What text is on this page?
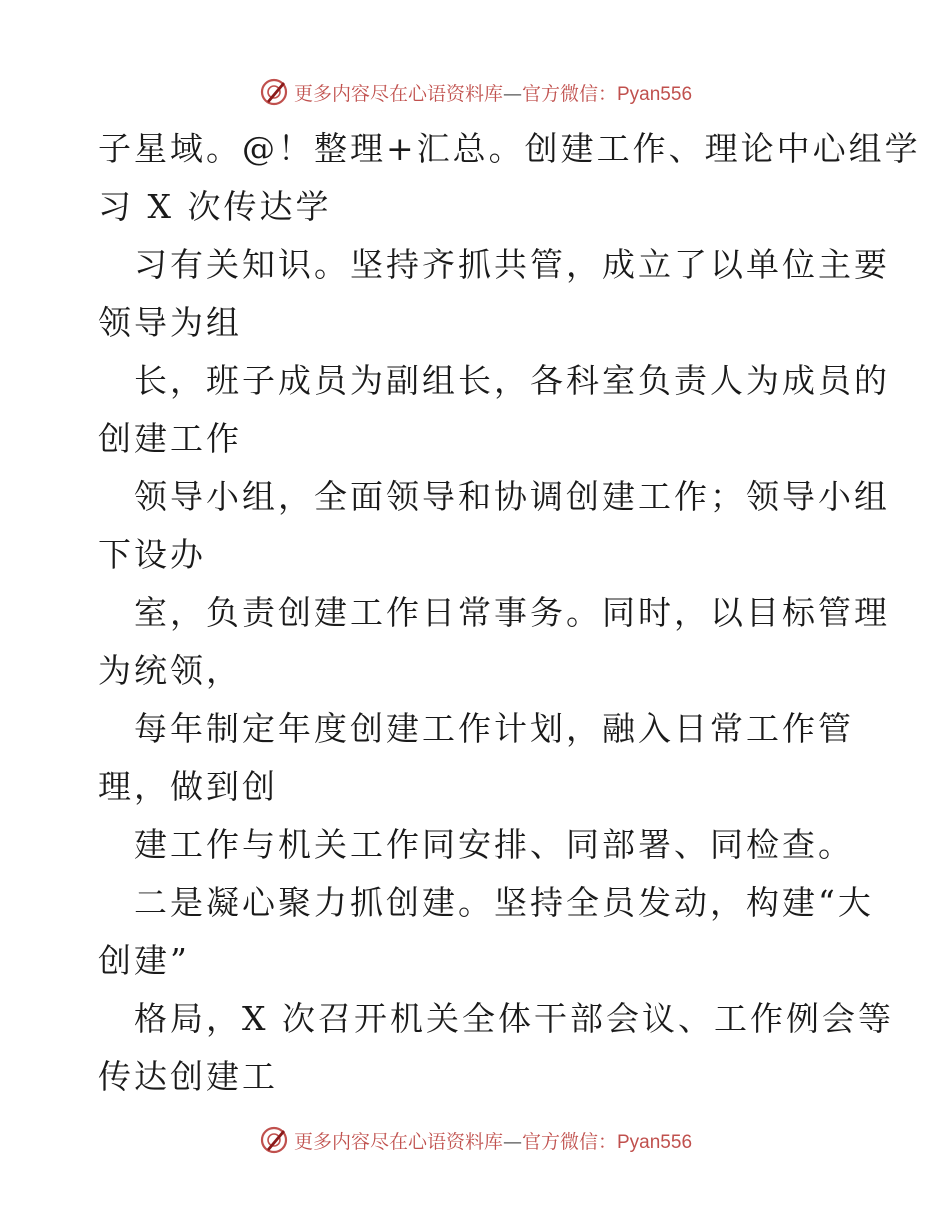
更多内容尽在心语资料库—官方微信：Pyan556
子星域。@！整理+汇总。创建工作、理论中心组学
习 X 次传达学
习有关知识。坚持齐抓共管，成立了以单位主要
领导为组
长，班子成员为副组长，各科室负责人为成员的
创建工作
领导小组，全面领导和协调创建工作；领导小组
下设办
室，负责创建工作日常事务。同时，以目标管理
为统领，
每年制定年度创建工作计划，融入日常工作管
理，做到创
建工作与机关工作同安排、同部署、同检查。
二是凝心聚力抓创建。坚持全员发动，构建“大
创建”
格局，X 次召开机关全体干部会议、工作例会等
传达创建工
更多内容尽在心语资料库—官方微信：Pyan556
